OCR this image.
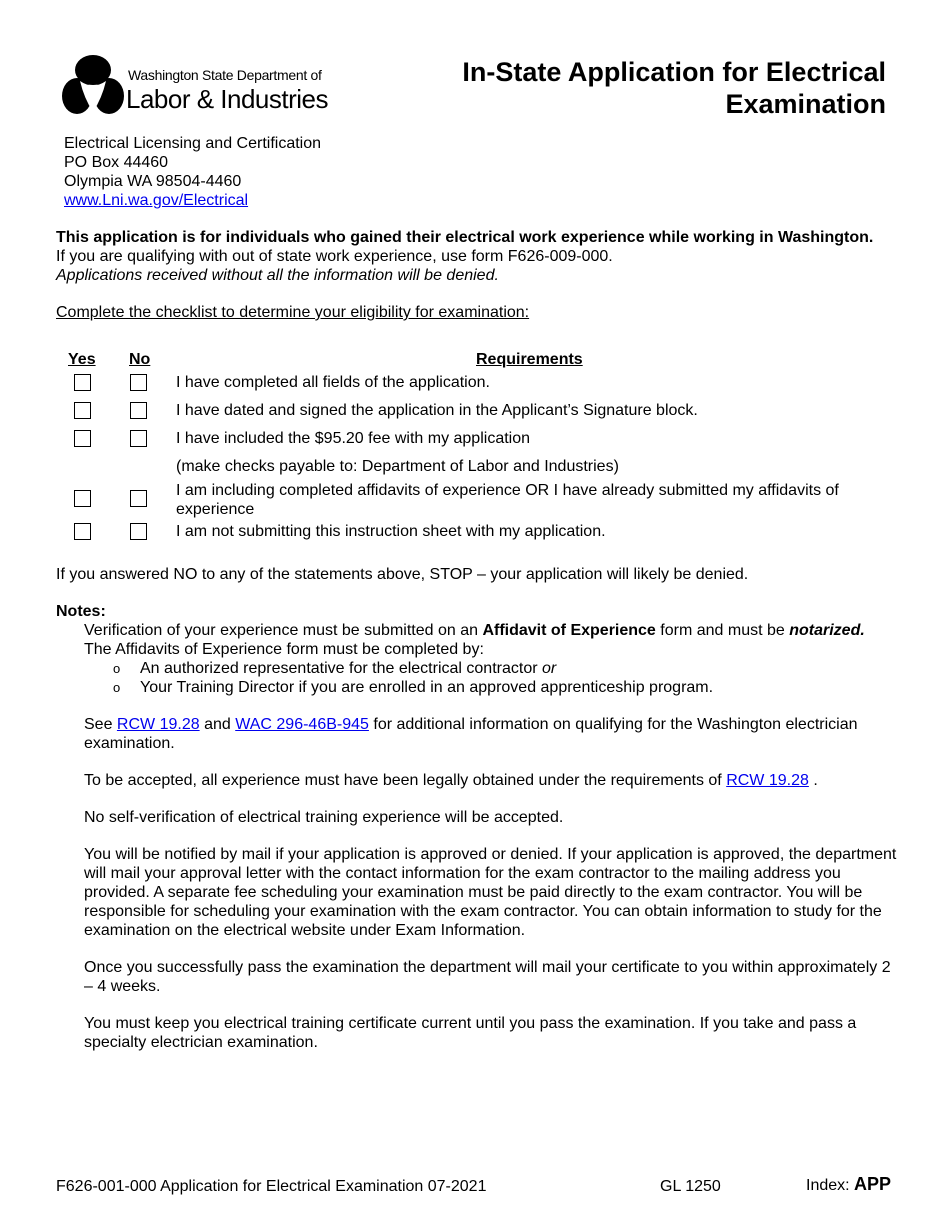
Washington State Department of
Labor & Industries
In-State Application for Electrical Examination
Electrical Licensing and Certification
PO Box 44460
Olympia WA 98504-4460
www.Lni.wa.gov/Electrical
This application is for individuals who gained their electrical work experience while working in Washington.
If you are qualifying with out of state work experience, use form F626-009-000.
Applications received without all the information will be denied.
Complete the checklist to determine your eligibility for examination:
Yes No	Requirements
I have completed all fields of the application.
I have dated and signed the application in the Applicant’s Signature block.
I have included the $95.20 fee with my application
(make checks payable to: Department of Labor and Industries)
I am including completed affidavits of experience OR I have already submitted my affidavits of experience
I am not submitting this instruction sheet with my application.
If you answered NO to any of the statements above, STOP – your application will likely be denied.
Notes:
Verification of your experience must be submitted on an Affidavit of Experience form and must be notarized.
The Affidavits of Experience form must be completed by:
o An authorized representative for the electrical contractor or
o Your Training Director if you are enrolled in an approved apprenticeship program.

See RCW 19.28 and WAC 296-46B-945 for additional information on qualifying for the Washington electrician examination.

To be accepted, all experience must have been legally obtained under the requirements of RCW 19.28 .

No self-verification of electrical training experience will be accepted.

You will be notified by mail if your application is approved or denied. If your application is approved, the department will mail your approval letter with the contact information for the exam contractor to the mailing address you provided. A separate fee scheduling your examination must be paid directly to the exam contractor. You will be responsible for scheduling your examination with the exam contractor. You can obtain information to study for the examination on the electrical website under Exam Information.

Once you successfully pass the examination the department will mail your certificate to you within approximately 2 – 4 weeks.

You must keep you electrical training certificate current until you pass the examination. If you take and pass a specialty electrician examination.

F626-001-000 Application for Electrical Examination 07-2021	GL 1250	Index: APP
